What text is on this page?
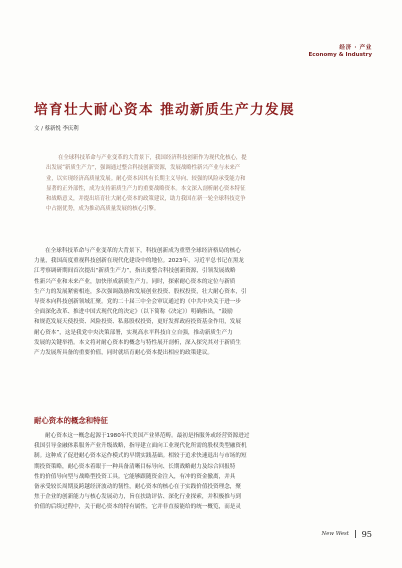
经济 · 产业
Economy & Industry
培育壮大耐心资本 推动新质生产力发展
文 / 蔡新悦 李庆利
在全球科技革命与产业变革的大背景下，我国经济科技创新作为现代化核心，提
出发展“新质生产力”，强调通过整合科技创新资源，发展战略性新兴产业与未来产
业，以实现经济高质量发展。耐心资本因其有长期主义导向、较强的风险承受能力和
显著的正外部性，成为支持新质生产力的重要战略资本。本文深入剖析耐心资本特征
和战略意义，并提出培育壮大耐心资本的政策建议，助力我国在新一轮全球科技竞争
中占据优势，成为推动高质量发展的核心引擎。
在全球科技革命与产业变革的大背景下，科技创新成为重塑全球经济格局的核心
力量，我国高度重视科技创新在现代化建设中的地位。2023年，习近平总书记在黑龙
江考察调研期间首次提出“新质生产力”，指出要整合科技创新资源，引领发展战略
性新兴产业和未来产业，加快形成新质生产力。同时，探索耐心资本的定位与新质
生产力的发展紧密相连，多次强调鼓励和发展创业投资、股权投资，壮大耐心资本，引
导资本向科技创新领域汇聚。党的二十届三中全会审议通过的《中共中央关于进一步
全面深化改革、推进中国式现代化的决定》（以下简称《决定》）明确指出，“鼓励
和规范发展天使投资、风险投资、私募股权投资，更好发挥政府投资基金作用，发展
耐心资本”，这是我党中央决策部署，实现高水平科技自立自强，推动新质生产力
发展的关键举措。本文将对耐心资本的概念与特性展开剖析，深入探究其对于新质生
产力发展所具备的重要价值，同时就培育耐心资本提出相应的政策建议。
耐心资本的概念和特征
耐心资本这一概念起源于1980年代美国产业界范畴。最初是指服务或经营资源进过
我国引导金融体系服务产业升级战略，指导建立面向工业现代化所需的股权类型融资机
制。这种成了促进耐心资本运作模式的早期实践基础。相较于追求快速退出与市场的短
期投资策略，耐心资本着眼于一种具备清晰目标导向、长期战略耐力及综合回报特
性的价值导向型与战略型投资工具。它能够跟随资金注入，有冲的资金撤离，并具
备承受较长周期及跨越经济波动的韧性，耐心资本的核心在于实践价值投资理念，聚
焦于企业的创新能力与核心发展动力，旨在扶助评估、深化行业探索，并积极推与到
价值的后续过程中，关于耐心资本的特有属性，它并非直接能给的统一概览，而是灵
New West 95
